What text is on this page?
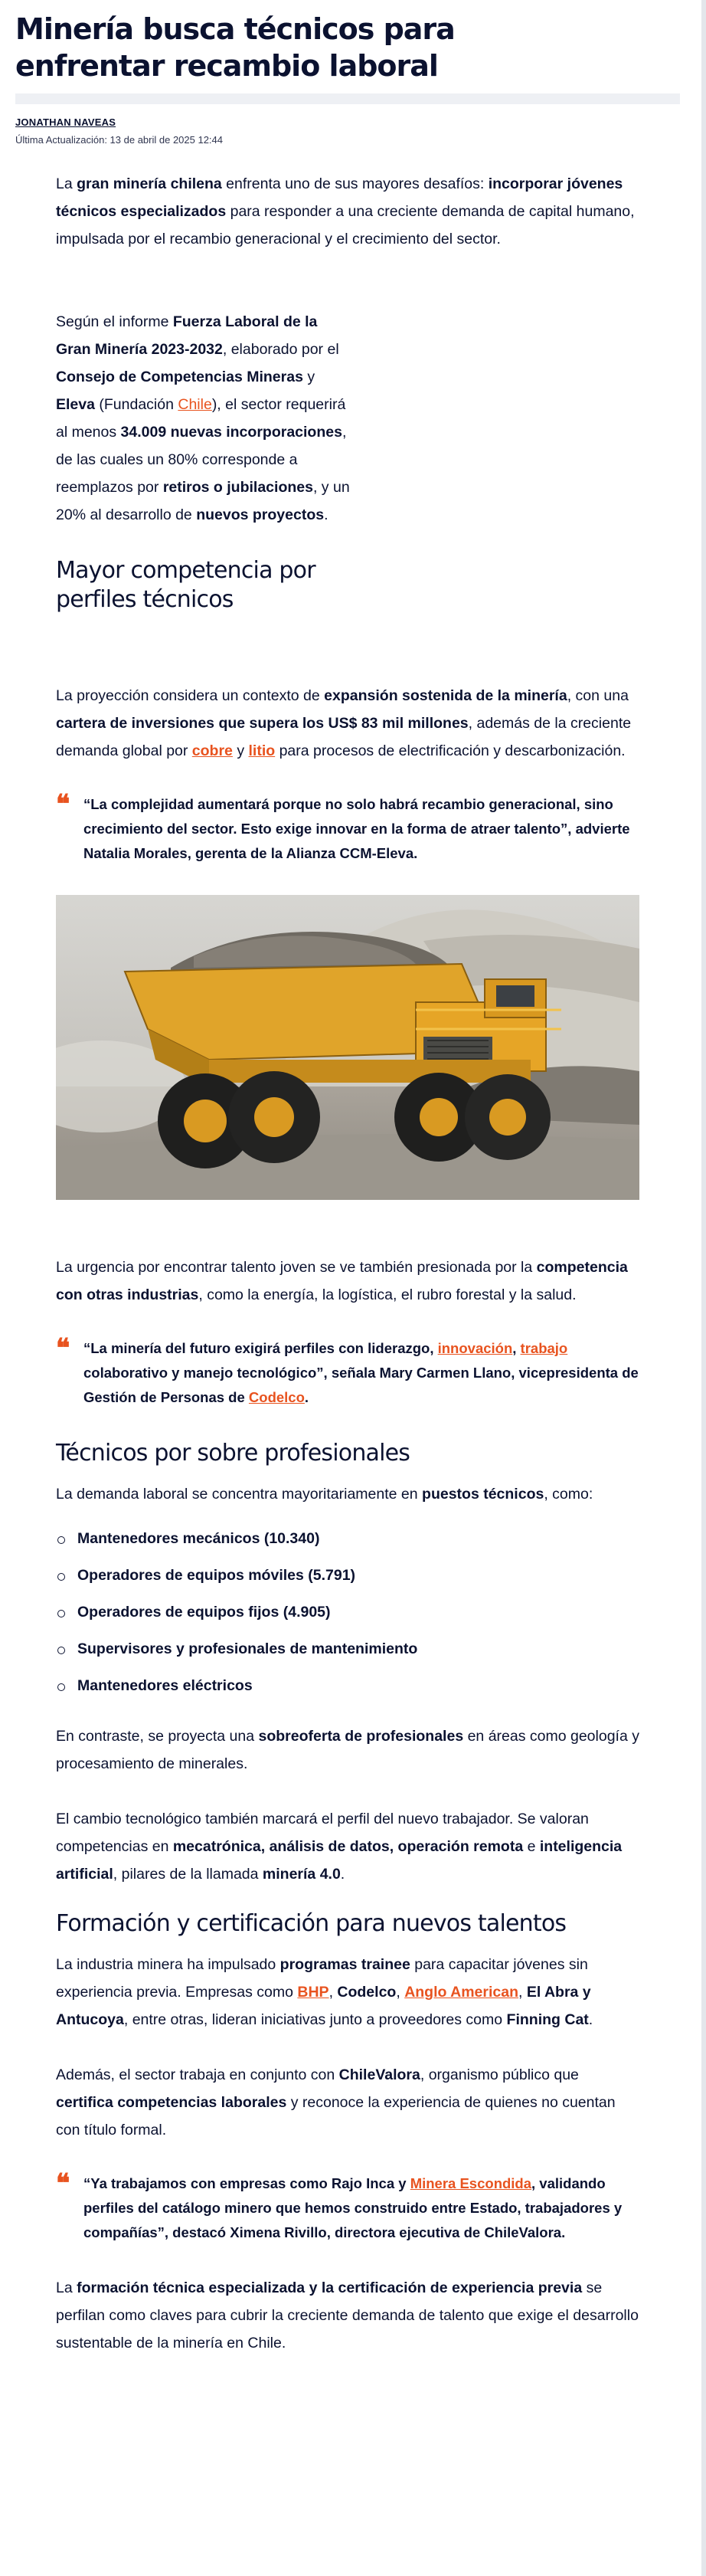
Minería busca técnicos para enfrentar recambio laboral
JONATHAN NAVEAS
Última Actualización: 13 de abril de 2025 12:44

La gran minería chilena enfrenta uno de sus mayores desafíos: incorporar jóvenes técnicos especializados para responder a una creciente demanda de capital humano, impulsada por el recambio generacional y el crecimiento del sector.

Según el informe Fuerza Laboral de la Gran Minería 2023-2032, elaborado por el Consejo de Competencias Mineras y Eleva (Fundación Chile), el sector requerirá al menos 34.009 nuevas incorporaciones, de las cuales un 80% corresponde a reemplazos por retiros o jubilaciones, y un 20% al desarrollo de nuevos proyectos.

Mayor competencia por perfiles técnicos

La proyección considera un contexto de expansión sostenida de la minería, con una cartera de inversiones que supera los US$ 83 mil millones, además de la creciente demanda global por cobre y litio para procesos de electrificación y descarbonización.

❝ “La complejidad aumentará porque no solo habrá recambio generacional, sino crecimiento del sector. Esto exige innovar en la forma de atraer talento”, advierte Natalia Morales, gerenta de la Alianza CCM-Eleva.

La urgencia por encontrar talento joven se ve también presionada por la competencia con otras industrias, como la energía, la logística, el rubro forestal y la salud.

❝ “La minería del futuro exigirá perfiles con liderazgo, innovación, trabajo colaborativo y manejo tecnológico”, señala Mary Carmen Llano, vicepresidenta de Gestión de Personas de Codelco.
Técnicos por sobre profesionales

La demanda laboral se concentra mayoritariamente en puestos técnicos, como:

Mantenedores mecánicos (10.340)
Operadores de equipos móviles (5.791)
Operadores de equipos fijos (4.905)
Supervisores y profesionales de mantenimiento
Mantenedores eléctricos

En contraste, se proyecta una sobreoferta de profesionales en áreas como geología y procesamiento de minerales.

El cambio tecnológico también marcará el perfil del nuevo trabajador. Se valoran competencias en mecatrónica, análisis de datos, operación remota e inteligencia artificial, pilares de la llamada minería 4.0.

Formación y certificación para nuevos talentos

La industria minera ha impulsado programas trainee para capacitar jóvenes sin experiencia previa. Empresas como BHP, Codelco, Anglo American, El Abra y Antucoya, entre otras, lideran iniciativas junto a proveedores como Finning Cat.

Además, el sector trabaja en conjunto con ChileValora, organismo público que certifica competencias laborales y reconoce la experiencia de quienes no cuentan con título formal.

❝ “Ya trabajamos con empresas como Rajo Inca y Minera Escondida, validando perfiles del catálogo minero que hemos construido entre Estado, trabajadores y compañías”, destacó Ximena Rivillo, directora ejecutiva de ChileValora.

La formación técnica especializada y la certificación de experiencia previa se perfilan como claves para cubrir la creciente demanda de talento que exige el desarrollo sustentable de la minería en Chile.
